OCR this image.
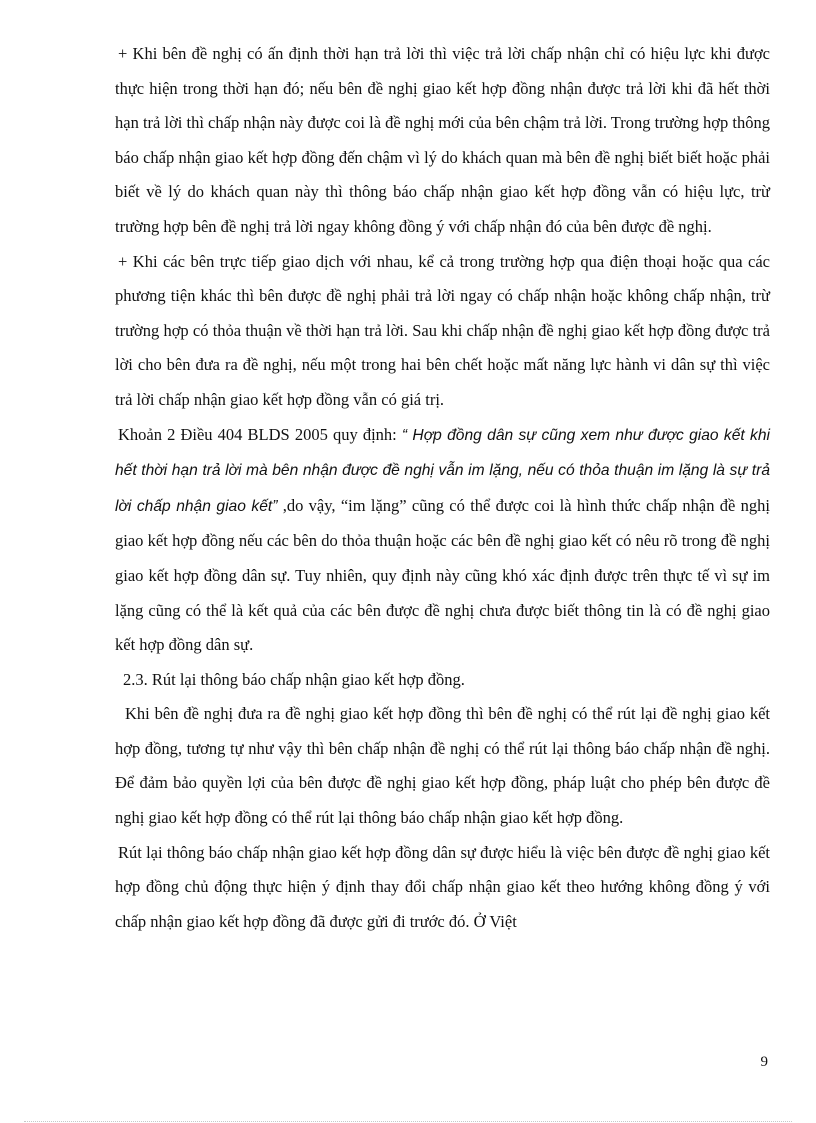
+ Khi bên đề nghị có ấn định thời hạn trả lời thì việc trả lời chấp nhận chỉ có hiệu lực khi được thực hiện trong thời hạn đó; nếu bên đề nghị giao kết hợp đồng nhận được trả lời khi đã hết thời hạn trả lời thì chấp nhận này được coi là đề nghị mới của bên chậm trả lời. Trong trường hợp thông báo chấp nhận giao kết hợp đồng đến chậm vì lý do khách quan mà bên đề nghị biết biết hoặc phải biết về lý do khách quan này thì thông báo chấp nhận giao kết hợp đồng vẫn có hiệu lực, trừ trường hợp bên đề nghị trả lời ngay không đồng ý với chấp nhận đó của bên được đề nghị.

+ Khi các bên trực tiếp giao dịch với nhau, kể cả trong trường hợp qua điện thoại hoặc qua các phương tiện khác thì bên được đề nghị phải trả lời ngay có chấp nhận hoặc không chấp nhận, trừ trường hợp có thỏa thuận về thời hạn trả lời. Sau khi chấp nhận đề nghị giao kết hợp đồng được trả lời cho bên đưa ra đề nghị, nếu một trong hai bên chết hoặc mất năng lực hành vi dân sự thì việc trả lời chấp nhận giao kết hợp đồng vẫn có giá trị.

Khoản 2 Điều 404 BLDS 2005 quy định: “ Hợp đồng dân sự cũng xem như được giao kết khi hết thời hạn trả lời mà bên nhận được đề nghị vẫn im lặng, nếu có thỏa thuận im lặng là sự trả lời chấp nhận giao kết” ,do vậy, “im lặng” cũng có thể được coi là hình thức chấp nhận đề nghị giao kết hợp đồng nếu các bên do thỏa thuận hoặc các bên đề nghị giao kết có nêu rõ trong đề nghị giao kết hợp đồng dân sự. Tuy nhiên, quy định này cũng khó xác định được trên thực tế vì sự im lặng cũng có thể là kết quả của các bên được đề nghị chưa được biết thông tin là có đề nghị giao kết hợp đồng dân sự.

2.3. Rút lại thông báo chấp nhận giao kết hợp đồng.

Khi bên đề nghị đưa ra đề nghị giao kết hợp đồng thì bên đề nghị có thể rút lại đề nghị giao kết hợp đồng, tương tự như vậy thì bên chấp nhận đề nghị có thể rút lại thông báo chấp nhận đề nghị. Để đảm bảo quyền lợi của bên được đề nghị giao kết hợp đồng, pháp luật cho phép bên được đề nghị giao kết hợp đồng có thể rút lại thông báo chấp nhận giao kết hợp đồng.

Rút lại thông báo chấp nhận giao kết hợp đồng dân sự được hiểu là việc bên được đề nghị giao kết hợp đồng chủ động thực hiện ý định thay đổi chấp nhận giao kết theo hướng không đồng ý với chấp nhận giao kết hợp đồng đã được gửi đi trước đó. Ở Việt

9
